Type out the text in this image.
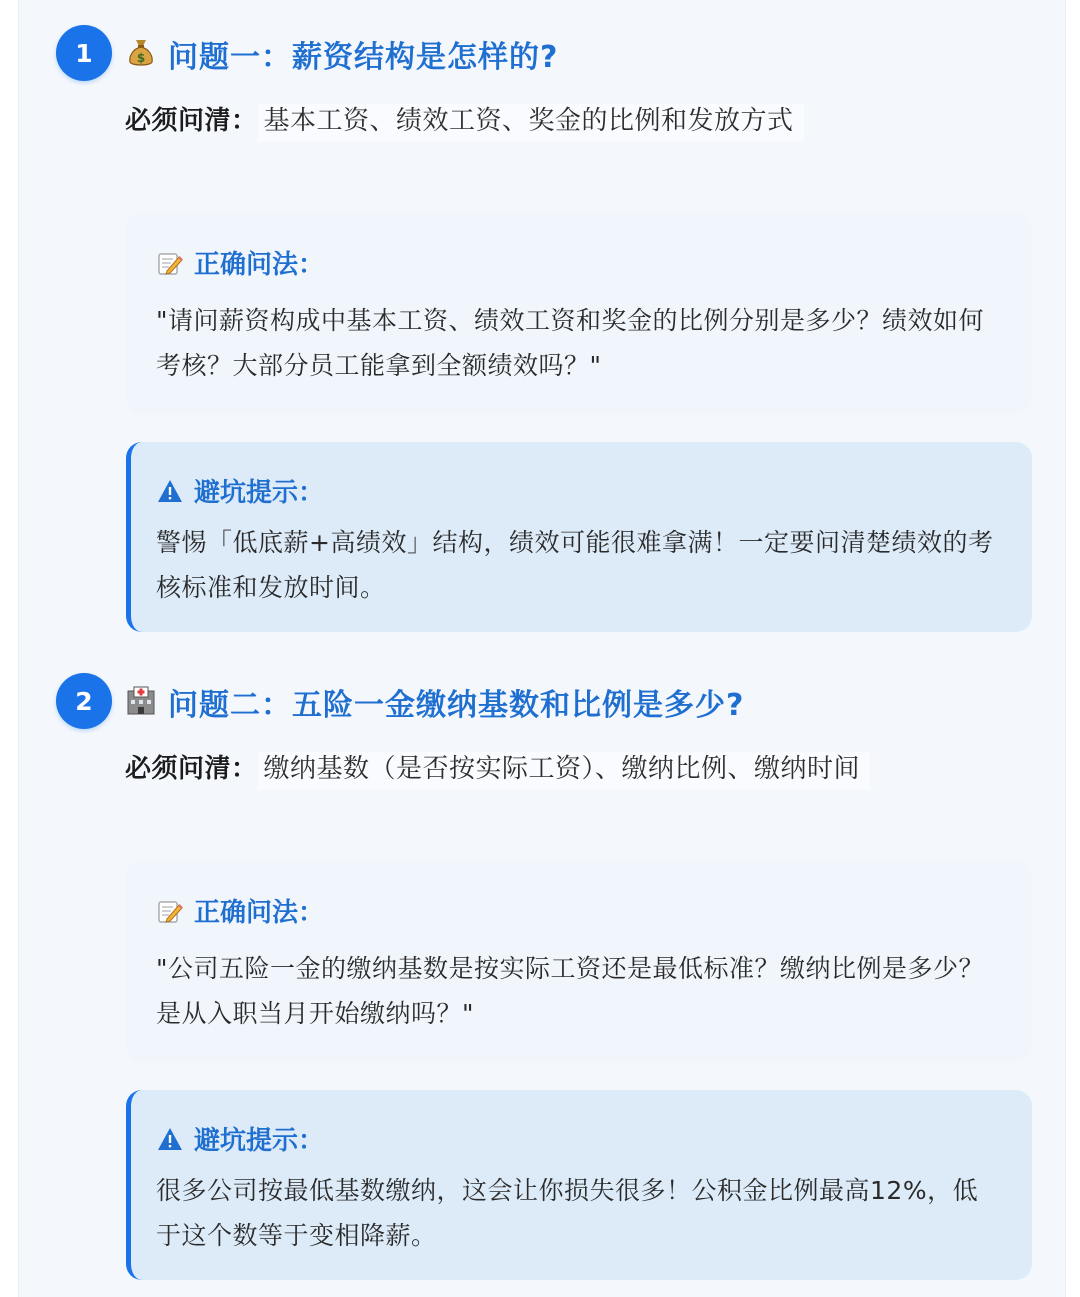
1	$ 问题一：薪资结构是怎样的?
必须问清： 基本工资、绩效工资、奖金的比例和发放方式
正确问法：
"请问薪资构成中基本工资、绩效工资和奖金的比例分别是多少？绩效如何考核？大部分员工能拿到全额绩效吗？"
避坑提示：
警惕「低底薪+高绩效」结构，绩效可能很难拿满！一定要问清楚绩效的考核标准和发放时间。
2	问题二：五险一金缴纳基数和比例是多少?
必须问清： 缴纳基数（是否按实际工资）、缴纳比例、缴纳时间
正确问法：
"公司五险一金的缴纳基数是按实际工资还是最低标准？缴纳比例是多少？是从入职当月开始缴纳吗？"
避坑提示：
很多公司按最低基数缴纳，这会让你损失很多！公积金比例最高12%，低于这个数等于变相降薪。
